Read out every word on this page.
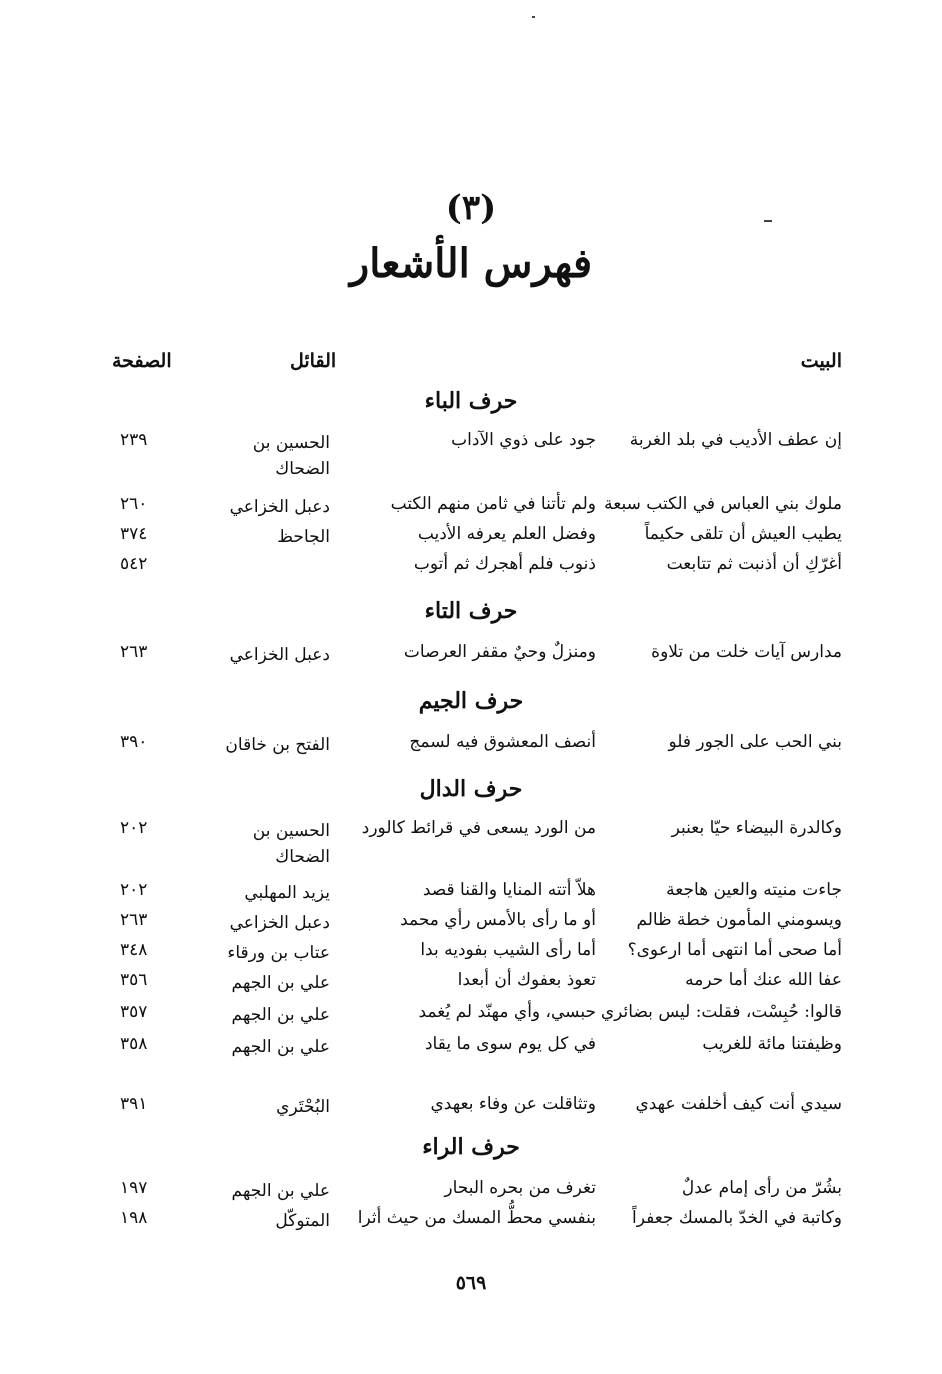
(٣)
فهرس الأشعار
البيت
القائل
الصفحة
حرف الباء
إن عطف الأديب في بلد الغربة
جود على ذوي الآداب
الحسين بن الضحاك
٢٣٩
ملوك بني العباس في الكتب سبعة
ولم تأتنا في ثامن منهم الكتب
دعبل الخزاعي
٢٦٠
يطيب العيش أن تلقى حكيماً
وفضل العلم يعرفه الأديب
الجاحظ
٣٧٤
أغرّكِ أن أذنبت ثم تتابعت
ذنوب فلم أهجرك ثم أتوب
٥٤٢
حرف التاء
مدارس آيات خلت من تلاوة
ومنزلٌ وحيٌ مقفر العرصات
دعبل الخزاعي
٢٦٣
حرف الجيم
بني الحب على الجور فلو
أنصف المعشوق فيه لسمج
الفتح بن خاقان
٣٩٠
حرف الدال
وكالدرة البيضاء حيّا بعنبر
من الورد يسعى في قرائط كالورد
الحسين بن الضحاك
٢٠٢
جاءت منيته والعين هاجعة
هلاّ أتته المنايا والقنا قصد
يزيد المهلبي
٢٠٢
ويسومني المأمون خطة ظالم
أو ما رأى بالأمس رأي محمد
دعبل الخزاعي
٢٦٣
أما صحى أما انتهى أما ارعوى؟
أما رأى الشيب بفوديه بدا
عتاب بن ورقاء
٣٤٨
عفا الله عنك أما حرمه
تعوذ بعفوك أن أبعدا
علي بن الجهم
٣٥٦
قالوا: حُبِسْت، فقلت: ليس بضائري
حبسي، وأي مهنّد لم يُغمد
علي بن الجهم
٣٥٧
وظيفتنا مائة للغريب
في كل يوم سوى ما يقاد
علي بن الجهم
٣٥٨
سيدي أنت كيف أخلفت عهدي
وتثاقلت عن وفاء بعهدي
البُحْتَري
٣٩١
حرف الراء
بشُرّ من رأى إمام عدلٌ
تغرف من بحره البحار
علي بن الجهم
١٩٧
وكاتبة في الخدّ بالمسك جعفراً
بنفسي محطُّ المسك من حيث أثرا
المتوكّل
١٩٨
٥٦٩
